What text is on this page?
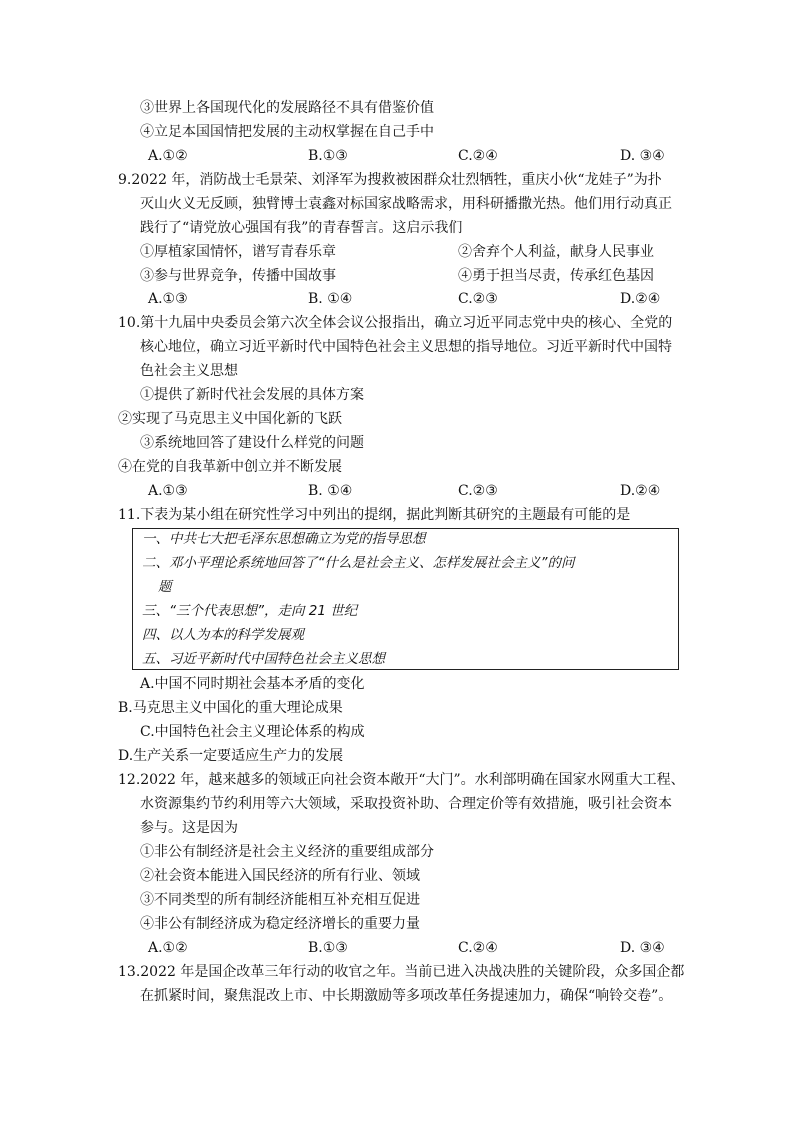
③世界上各国现代化的发展路径不具有借鉴价值
④立足本国国情把发展的主动权掌握在自己手中
A.①②	B.①③	C.②④	D. ③④
9.2022 年，消防战士毛景荣、刘泽军为搜救被困群众壮烈牺牲，重庆小伙“龙娃子”为扑
灭山火义无反顾，独臂博士袁鑫对标国家战略需求，用科研播撒光热。他们用行动真正
践行了“请党放心强国有我”的青春誓言。这启示我们
①厚植家国情怀，谱写青春乐章	②舍弃个人利益，献身人民事业
③参与世界竞争，传播中国故事	④勇于担当尽责，传承红色基因
A.①③	B. ①④	C.②③	D.②④
10.第十九届中央委员会第六次全体会议公报指出，确立习近平同志党中央的核心、全党的
核心地位，确立习近平新时代中国特色社会主义思想的指导地位。习近平新时代中国特
色社会主义思想
①提供了新时代社会发展的具体方案
②实现了马克思主义中国化新的飞跃
③系统地回答了建设什么样党的问题
④在党的自我革新中创立并不断发展
A.①③	B. ①④	C.②③	D.②④
11.下表为某小组在研究性学习中列出的提纲，据此判断其研究的主题最有可能的是
一、中共七大把毛泽东思想确立为党的指导思想
二、邓小平理论系统地回答了“什么是社会主义、怎样发展社会主义”的问
题
三、“三个代表思想”，走向 21 世纪
四、以人为本的科学发展观
五、习近平新时代中国特色社会主义思想
A.中国不同时期社会基本矛盾的变化
B.马克思主义中国化的重大理论成果
C.中国特色社会主义理论体系的构成
D.生产关系一定要适应生产力的发展
12.2022 年，越来越多的领域正向社会资本敞开“大门”。水利部明确在国家水网重大工程、
水资源集约节约利用等六大领域，采取投资补助、合理定价等有效措施，吸引社会资本
参与。这是因为
①非公有制经济是社会主义经济的重要组成部分
②社会资本能进入国民经济的所有行业、领域
③不同类型的所有制经济能相互补充相互促进
④非公有制经济成为稳定经济增长的重要力量
A.①②	B.①③	C.②④	D. ③④
13.2022 年是国企改革三年行动的收官之年。当前已进入决战决胜的关键阶段，众多国企都
在抓紧时间，聚焦混改上市、中长期激励等多项改革任务提速加力，确保“响铃交卷”。
